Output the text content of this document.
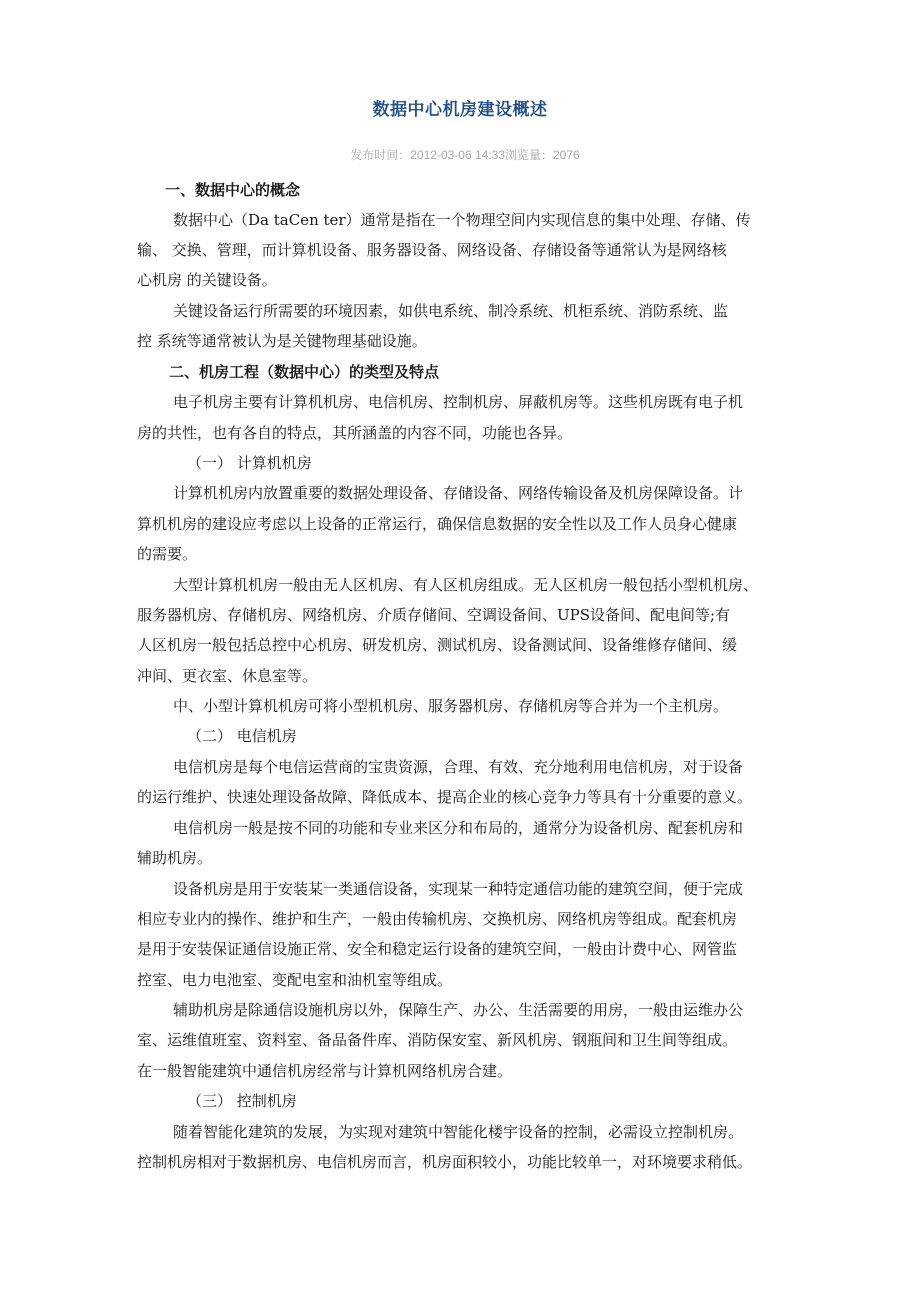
数据中心机房建设概述
发布时间：2012-03-06 14:33浏览量：2076
一、数据中心的概念
数据中心（Da taCen ter）通常是指在一个物理空间内实现信息的集中处理、存储、传
输、 交换、管理，而计算机设备、服务器设备、网络设备、存储设备等通常认为是网络核
心机房 的关键设备。
关键设备运行所需要的环境因素，如供电系统、制冷系统、机柜系统、消防系统、监
控 系统等通常被认为是关键物理基础设施。
二、机房工程（数据中心）的类型及特点
电子机房主要有计算机机房、电信机房、控制机房、屏蔽机房等。这些机房既有电子机
房的共性，也有各自的特点，其所涵盖的内容不同，功能也各异。
（一） 计算机机房
计算机机房内放置重要的数据处理设备、存储设备、网络传输设备及机房保障设备。计
算机机房的建设应考虑以上设备的正常运行，确保信息数据的安全性以及工作人员身心健康
的需要。
大型计算机机房一般由无人区机房、有人区机房组成。无人区机房一般包括小型机机房、
服务器机房、存储机房、网络机房、介质存储间、空调设备间、UPS设备间、配电间等;有
人区机房一般包括总控中心机房、研发机房、测试机房、设备测试间、设备维修存储间、缓
冲间、更衣室、休息室等。
中、小型计算机机房可将小型机机房、服务器机房、存储机房等合并为一个主机房。
（二） 电信机房
电信机房是每个电信运营商的宝贵资源，合理、有效、充分地利用电信机房，对于设备
的运行维护、快速处理设备故障、降低成本、提高企业的核心竞争力等具有十分重要的意义。
电信机房一般是按不同的功能和专业来区分和布局的，通常分为设备机房、配套机房和
辅助机房。
设备机房是用于安装某一类通信设备，实现某一种特定通信功能的建筑空间，便于完成
相应专业内的操作、维护和生产，一般由传输机房、交换机房、网络机房等组成。配套机房
是用于安装保证通信设施正常、安全和稳定运行设备的建筑空间，一般由计费中心、网管监
控室、电力电池室、变配电室和油机室等组成。
辅助机房是除通信设施机房以外，保障生产、办公、生活需要的用房，一般由运维办公
室、运维值班室、资料室、备品备件库、消防保安室、新风机房、钢瓶间和卫生间等组成。
在一般智能建筑中通信机房经常与计算机网络机房合建。
（三） 控制机房
随着智能化建筑的发展，为实现对建筑中智能化楼宇设备的控制，必需设立控制机房。
控制机房相对于数据机房、电信机房而言，机房面积较小，功能比较单一，对环境要求稍低。
